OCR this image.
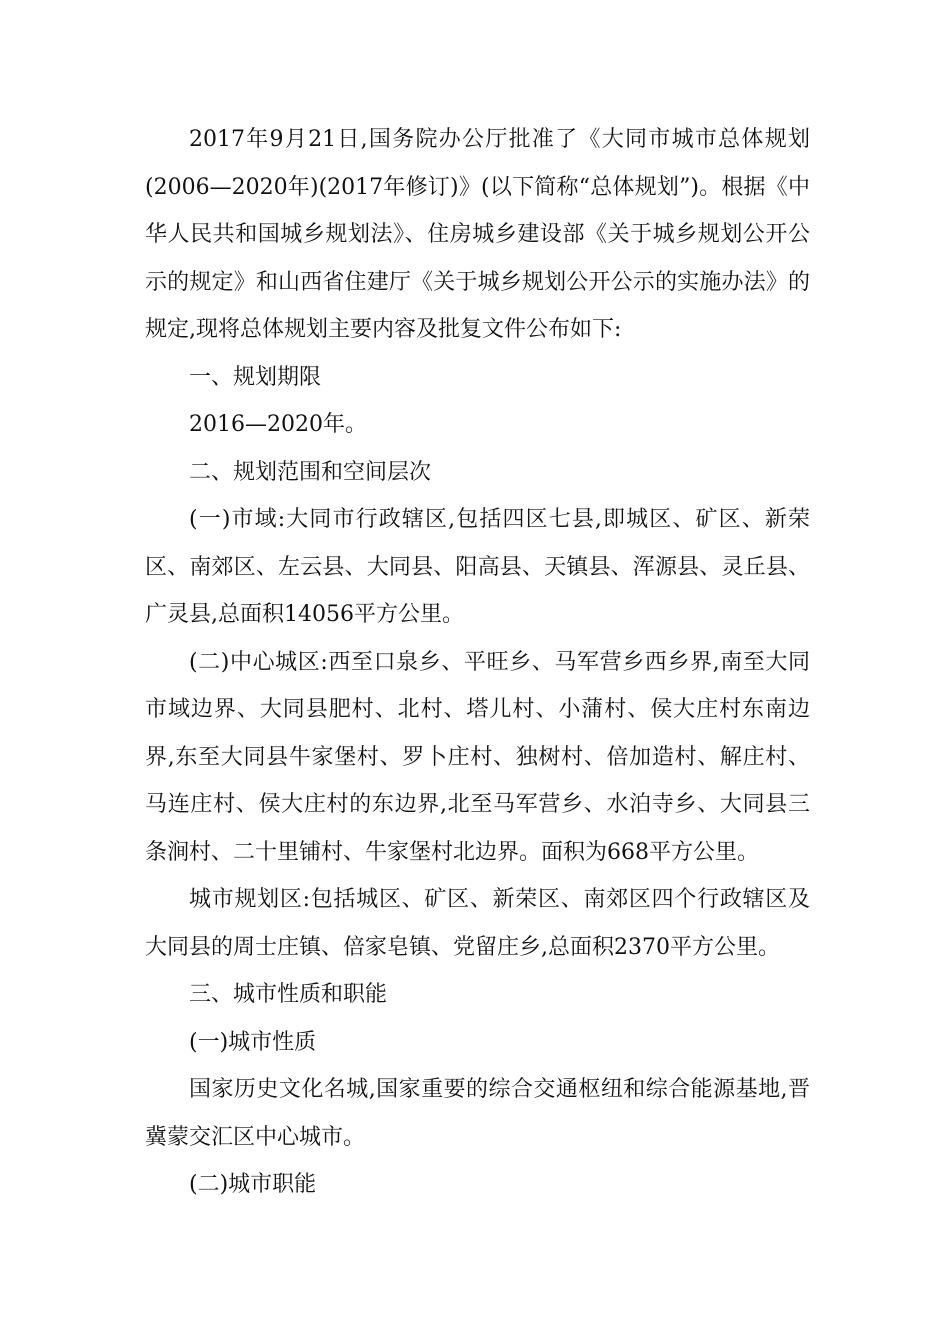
2017年9月21日,国务院办公厅批准了《大同市城市总体规划(2006—2020年)(2017年修订)》(以下简称“总体规划”)。根据《中华人民共和国城乡规划法》、住房城乡建设部《关于城乡规划公开公示的规定》和山西省住建厅《关于城乡规划公开公示的实施办法》的规定,现将总体规划主要内容及批复文件公布如下:

一、规划期限

2016—2020年。

二、规划范围和空间层次

(一)市域:大同市行政辖区,包括四区七县,即城区、矿区、新荣区、南郊区、左云县、大同县、阳高县、天镇县、浑源县、灵丘县、广灵县,总面积14056平方公里。

(二)中心城区:西至口泉乡、平旺乡、马军营乡西乡界,南至大同市域边界、大同县肥村、北村、塔儿村、小蒲村、侯大庄村东南边界,东至大同县牛家堡村、罗卜庄村、独树村、倍加造村、解庄村、马连庄村、侯大庄村的东边界,北至马军营乡、水泊寺乡、大同县三条涧村、二十里铺村、牛家堡村北边界。面积为668平方公里。

城市规划区:包括城区、矿区、新荣区、南郊区四个行政辖区及大同县的周士庄镇、倍家皂镇、党留庄乡,总面积2370平方公里。

三、城市性质和职能

(一)城市性质

国家历史文化名城,国家重要的综合交通枢纽和综合能源基地,晋冀蒙交汇区中心城市。

(二)城市职能
